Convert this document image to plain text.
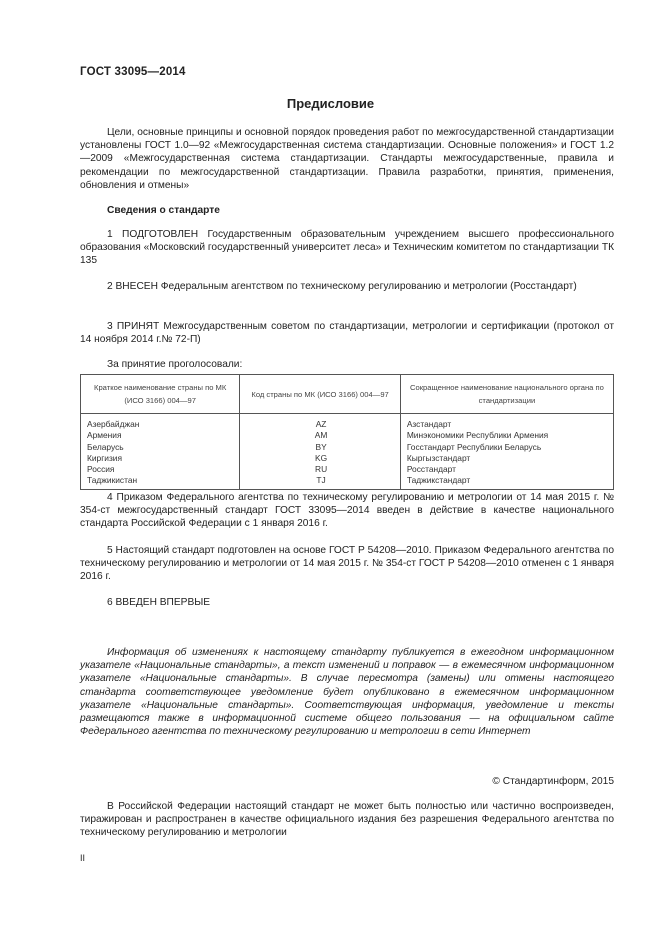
ГОСТ 33095—2014
Предисловие

Цели, основные принципы и основной порядок проведения работ по межгосударственной стандартизации установлены ГОСТ 1.0—92 «Межгосударственная система стандартизации. Основные положения» и ГОСТ 1.2—2009 «Межгосударственная система стандартизации. Стандарты межгосударственные, правила и рекомендации по межгосударственной стандартизации. Правила разработки, принятия, применения, обновления и отмены»

Сведения о стандарте

1 ПОДГОТОВЛЕН Государственным образовательным учреждением высшего профессионального образования «Московский государственный университет леса» и Техническим комитетом по стандартизации ТК 135

2 ВНЕСЕН Федеральным агентством по техническому регулированию и метрологии (Росстандарт)

3 ПРИНЯТ Межгосударственным советом по стандартизации, метрологии и сертификации (протокол от 14 ноября 2014 г.№ 72-П)

За принятие проголосовали:

Краткое наименование страны по МК (ИСО 3166) 004—97	Код страны по МК (ИСО 3166) 004—97	Сокращенное наименование национального органа по стандартизации
Азербайджан	AZ	Азстандарт
Армения	AM	Минэкономики Республики Армения
Беларусь	BY	Госстандарт Республики Беларусь
Киргизия	KG	Кыргызстандарт
Россия	RU	Росстандарт
Таджикистан	TJ	Таджикстандарт

4 Приказом Федерального агентства по техническому регулированию и метрологии от 14 мая 2015 г. № 354-ст межгосударственный стандарт ГОСТ 33095—2014 введен в действие в качестве национального стандарта Российской Федерации с 1 января 2016 г.

5 Настоящий стандарт подготовлен на основе ГОСТ Р 54208—2010. Приказом Федерального агентства по техническому регулированию и метрологии от 14 мая 2015 г. № 354-ст ГОСТ Р 54208—2010 отменен с 1 января 2016 г.

6 ВВЕДЕН ВПЕРВЫЕ

Информация об изменениях к настоящему стандарту публикуется в ежегодном информационном указателе «Национальные стандарты», а текст изменений и поправок — в ежемесячном информационном указателе «Национальные стандарты». В случае пересмотра (замены) или отмены настоящего стандарта соответствующее уведомление будет опубликовано в ежемесячном информационном указателе «Национальные стандарты». Соответствующая информация, уведомление и тексты размещаются также в информационной системе общего пользования — на официальном сайте Федерального агентства по техническому регулированию и метрологии в сети Интернет

© Стандартинформ, 2015

В Российской Федерации настоящий стандарт не может быть полностью или частично воспроизведен, тиражирован и распространен в качестве официального издания без разрешения Федерального агентства по техническому регулированию и метрологии

II
